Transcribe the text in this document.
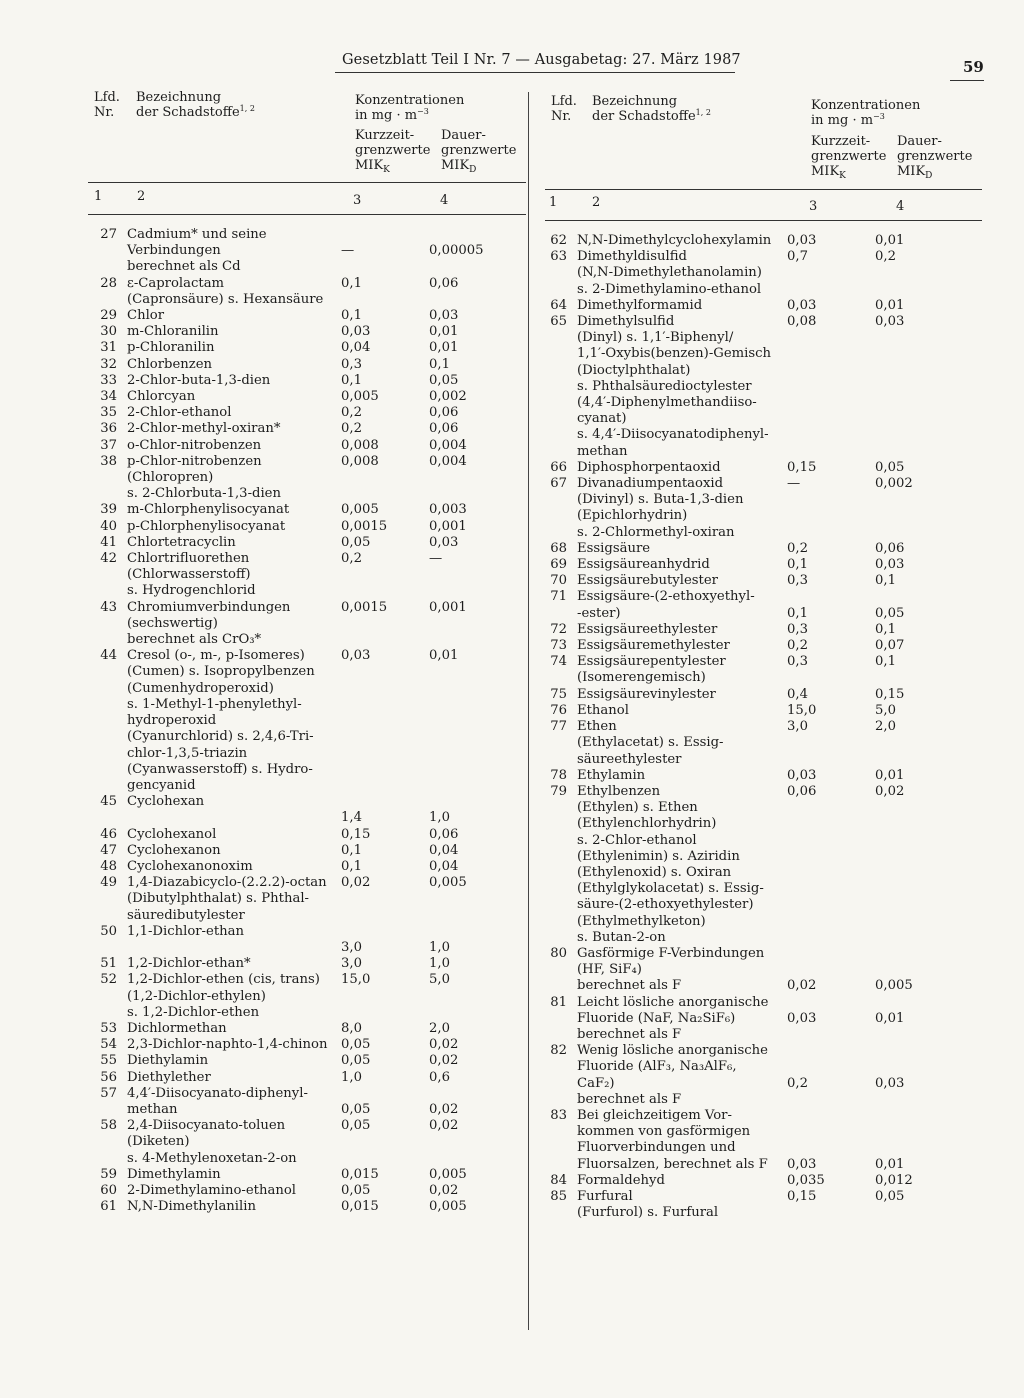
Gesetzblatt Teil I Nr. 7 — Ausgabetag: 27. März 1987	59
Lfd.
Nr.
Bezeichnung
der Schadstoffe$^{1, 2}$
Konzentrationen
in mg · $m^{-3}$
Kurzzeit-
grenzwerte
$MIK_K$
Dauer-
grenzwerte
$MIK_D$
1	2	3	4
27 Cadmium* und seine
Verbindungen
berechnet als Cd
—	0,00005
28 ε-Caprolactam
(Capronsäure) s. Hexansäure
0,1	0,06
29 Chlor	0,1	0,03
30 m-Chloranilin	0,03	0,01
31 p-Chloranilin	0,04	0,01
32 Chlorbenzen	0,3	0,1
33 2-Chlor-buta-1,3-dien	0,1	0,05
34 Chlorcyan	0,005	0,002
35 2-Chlor-ethanol	0,2	0,06
36 2-Chlor-methyl-oxiran*	0,2	0,06
37 o-Chlor-nitrobenzen	0,008	0,004
38 p-Chlor-nitrobenzen
(Chloropren)
s. 2-Chlorbuta-1,3-dien
0,008	0,004
39 m-Chlorphenylisocyanat	0,005	0,003
40 p-Chlorphenylisocyanat	0,0015	0,001
41 Chlortetracyclin	0,05	0,03
42 Chlortrifluorethen
(Chlorwasserstoff)
s. Hydrogenchlorid
0,2	—
43 Chromiumverbindungen
(sechswertig)
berechnet als CrO₃*
0,0015	0,001
44 Cresol (o-, m-, p-Isomeres)
(Cumen) s. Isopropylbenzen
(Cumenhydroperoxid)
s. 1-Methyl-1-phenylethyl-
hydroperoxid
(Cyanurchlorid) s. 2,4,6-Tri-
chlor-1,3,5-triazin
(Cyanwasserstoff) s. Hydro-
gencyanid
0,03	0,01
45 Cyclohexan
1,4	1,0
46 Cyclohexanol	0,15	0,06
47 Cyclohexanon	0,1	0,04
48 Cyclohexanonoxim	0,1	0,04
49 1,4-Diazabicyclo-(2.2.2)-octan
(Dibutylphthalat) s. Phthal-
säuredibutylester
0,02	0,005
50 1,1-Dichlor-ethan
3,0	1,0
51 1,2-Dichlor-ethan*	3,0	1,0
52 1,2-Dichlor-ethen (cis, trans)
(1,2-Dichlor-ethylen)
s. 1,2-Dichlor-ethen
15,0	5,0
53 Dichlormethan	8,0	2,0
54 2,3-Dichlor-naphto-1,4-chinon	0,05	0,02
55 Diethylamin	0,05	0,02
56 Diethylether	1,0	0,6
57 4,4′-Diisocyanato-diphenyl-
methan	0,05	0,02
58 2,4-Diisocyanato-toluen
(Diketen)
s. 4-Methylenoxetan-2-on
0,05	0,02
59 Dimethylamin	0,015	0,005
60 2-Dimethylamino-ethanol	0,05	0,02
61 N,N-Dimethylanilin	0,015	0,005
Lfd.
Nr.
Bezeichnung
der Schadstoffe$^{1, 2}$	Konzentrationen
in mg · $m^{-3}$
Kurzzeit-
grenzwerte
$MIK_K$
Dauer-
grenzwerte
$MIK_D$
1	2	3	4
62 N,N-Dimethylcyclohexylamin	0,03	0,01
63 Dimethyldisulfid
(N,N-Dimethylethanolamin)
s. 2-Dimethylamino-ethanol
0,7	0,2
64 Dimethylformamid	0,03	0,01
65 Dimethylsulfid
(Dinyl) s. 1,1′-Biphenyl/
1,1′-Oxybis(benzen)-Gemisch
(Dioctylphthalat)
s. Phthalsäuredioctylester
(4,4′-Diphenylmethandiiso-
cyanat)
s. 4,4′-Diisocyanatodiphenyl-
methan
0,08	0,03
66 Diphosphorpentaoxid	0,15	0,05
67 Divanadiumpentaoxid
(Divinyl) s. Buta-1,3-dien
(Epichlorhydrin)
s. 2-Chlormethyl-oxiran
—	0,002
68 Essigsäure	0,2	0,06
69 Essigsäureanhydrid	0,1	0,03
70 Essigsäurebutylester	0,3	0,1
71 Essigsäure-(2-ethoxyethyl-
-ester)	0,1	0,05
72 Essigsäureethylester	0,3	0,1
73 Essigsäuremethylester	0,2	0,07
74 Essigsäurepentylester
(Isomerengemisch)
0,3	0,1
75 Essigsäurevinylester	0,4	0,15
76 Ethanol	15,0	5,0
77 Ethen
(Ethylacetat) s. Essig-
säureethylester
3,0	2,0
78 Ethylamin	0,03	0,01
79 Ethylbenzen
(Ethylen) s. Ethen
(Ethylenchlorhydrin)
s. 2-Chlor-ethanol
(Ethylenimin) s. Aziridin
(Ethylenoxid) s. Oxiran
(Ethylglykolacetat) s. Essig-
säure-(2-ethoxyethylester)
(Ethylmethylketon)
s. Butan-2-on
0,06	0,02
80 Gasförmige F-Verbindungen
(HF, SiF₄)
berechnet als F	0,02	0,005
81 Leicht lösliche anorganische
Fluoride (NaF, Na₂SiF₆)
berechnet als F
0,03	0,01
82 Wenig lösliche anorganische
Fluoride (AlF₃, Na₃AlF₆,
CaF₂)
berechnet als F
0,2	0,03
83 Bei gleichzeitigem Vor-
kommen von gasförmigen
Fluorverbindungen und
Fluorsalzen, berechnet als F	0,03	0,01
84 Formaldehyd	0,035	0,012
85 Furfural
(Furfurol) s. Furfural
0,15	0,05
